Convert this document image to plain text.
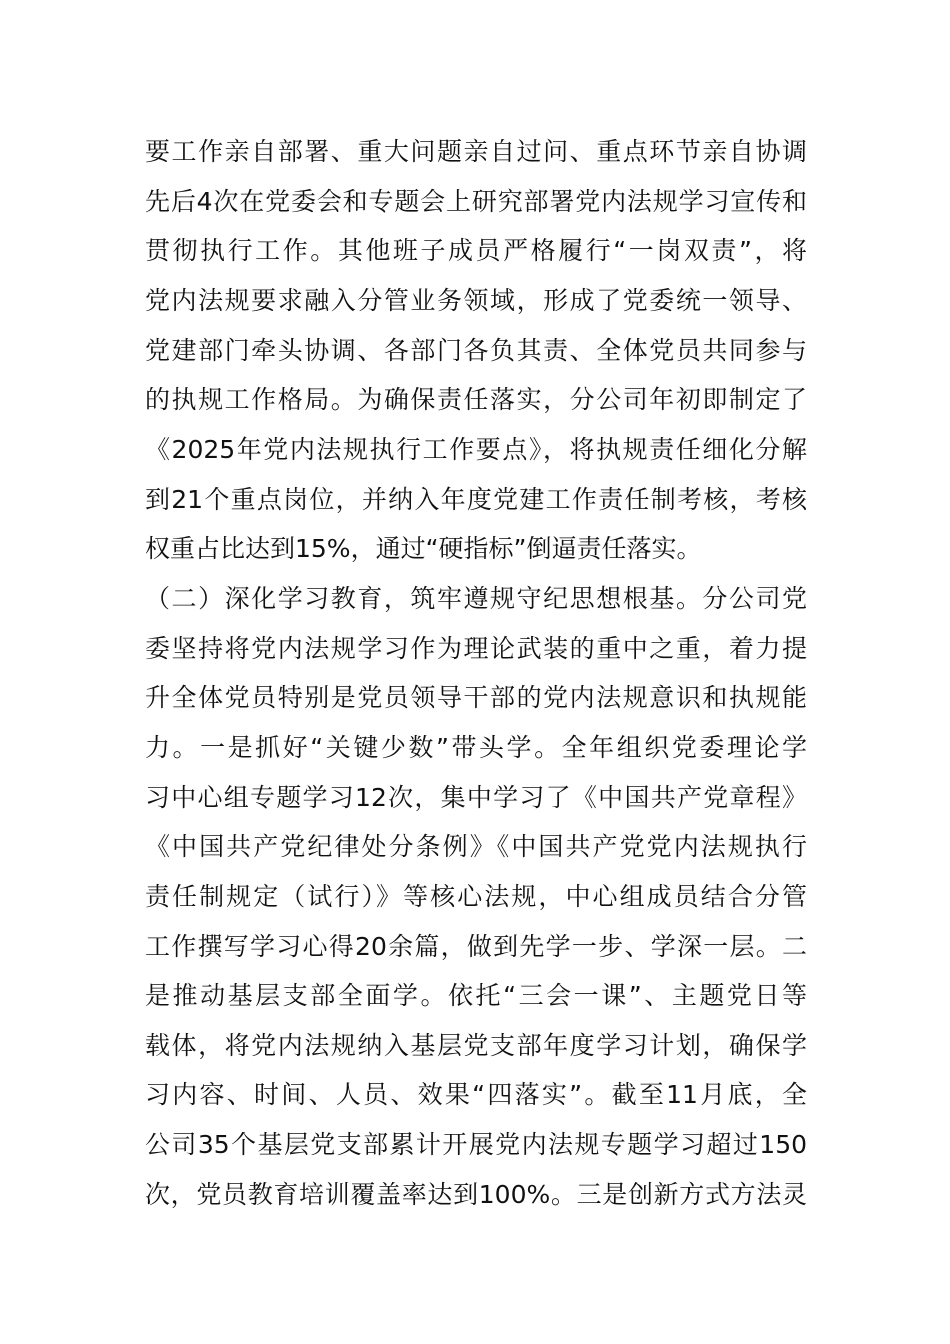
要工作亲自部署、重大问题亲自过问、重点环节亲自协调
先后4次在党委会和专题会上研究部署党内法规学习宣传和
贯彻执行工作。其他班子成员严格履行“一岗双责”，将
党内法规要求融入分管业务领域，形成了党委统一领导、
党建部门牵头协调、各部门各负其责、全体党员共同参与
的执规工作格局。为确保责任落实，分公司年初即制定了
《2025年党内法规执行工作要点》，将执规责任细化分解
到21个重点岗位，并纳入年度党建工作责任制考核，考核
权重占比达到15%，通过“硬指标”倒逼责任落实。
（二）深化学习教育，筑牢遵规守纪思想根基。分公司党
委坚持将党内法规学习作为理论武装的重中之重，着力提
升全体党员特别是党员领导干部的党内法规意识和执规能
力。一是抓好“关键少数”带头学。全年组织党委理论学
习中心组专题学习12次，集中学习了《中国共产党章程》
《中国共产党纪律处分条例》《中国共产党党内法规执行
责任制规定（试行）》等核心法规，中心组成员结合分管
工作撰写学习心得20余篇，做到先学一步、学深一层。二
是推动基层支部全面学。依托“三会一课”、主题党日等
载体，将党内法规纳入基层党支部年度学习计划，确保学
习内容、时间、人员、效果“四落实”。截至11月底，全
公司35个基层党支部累计开展党内法规专题学习超过150
次，党员教育培训覆盖率达到100%。三是创新方式方法灵
